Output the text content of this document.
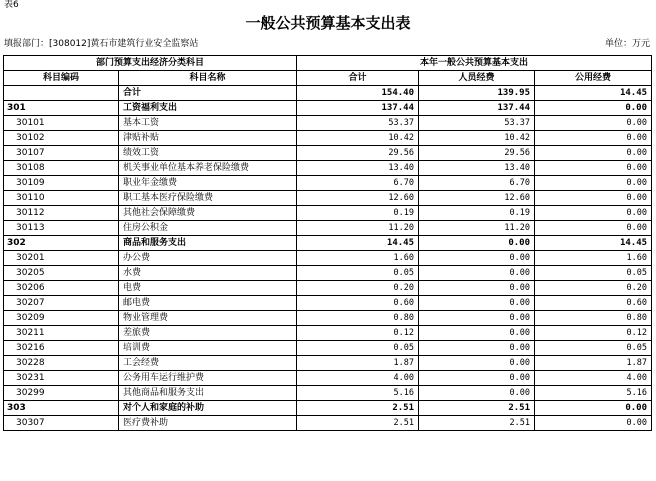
表6
一般公共预算基本支出表
填报部门：[308012]黄石市建筑行业安全监察站	单位：万元
部门预算支出经济分类科目		本年一般公共预算基本支出		
科目编码	科目名称	合计	人员经费	公用经费
	合计	154.40	139.95	14.45
301	工资福利支出	137.44	137.44	0.00
30101	基本工资	53.37	53.37	0.00
30102	津贴补贴	10.42	10.42	0.00
30107	绩效工资	29.56	29.56	0.00
30108	机关事业单位基本养老保险缴费	13.40	13.40	0.00
30109	职业年金缴费	6.70	6.70	0.00
30110	职工基本医疗保险缴费	12.60	12.60	0.00
30112	其他社会保障缴费	0.19	0.19	0.00
30113	住房公积金	11.20	11.20	0.00
302	商品和服务支出	14.45	0.00	14.45
30201	办公费	1.60	0.00	1.60
30205	水费	0.05	0.00	0.05
30206	电费	0.20	0.00	0.20
30207	邮电费	0.60	0.00	0.60
30209	物业管理费	0.80	0.00	0.80
30211	差旅费	0.12	0.00	0.12
30216	培训费	0.05	0.00	0.05
30228	工会经费	1.87	0.00	1.87
30231	公务用车运行维护费	4.00	0.00	4.00
30299	其他商品和服务支出	5.16	0.00	5.16
303	对个人和家庭的补助	2.51	2.51	0.00
30307	医疗费补助	2.51	2.51	0.00
